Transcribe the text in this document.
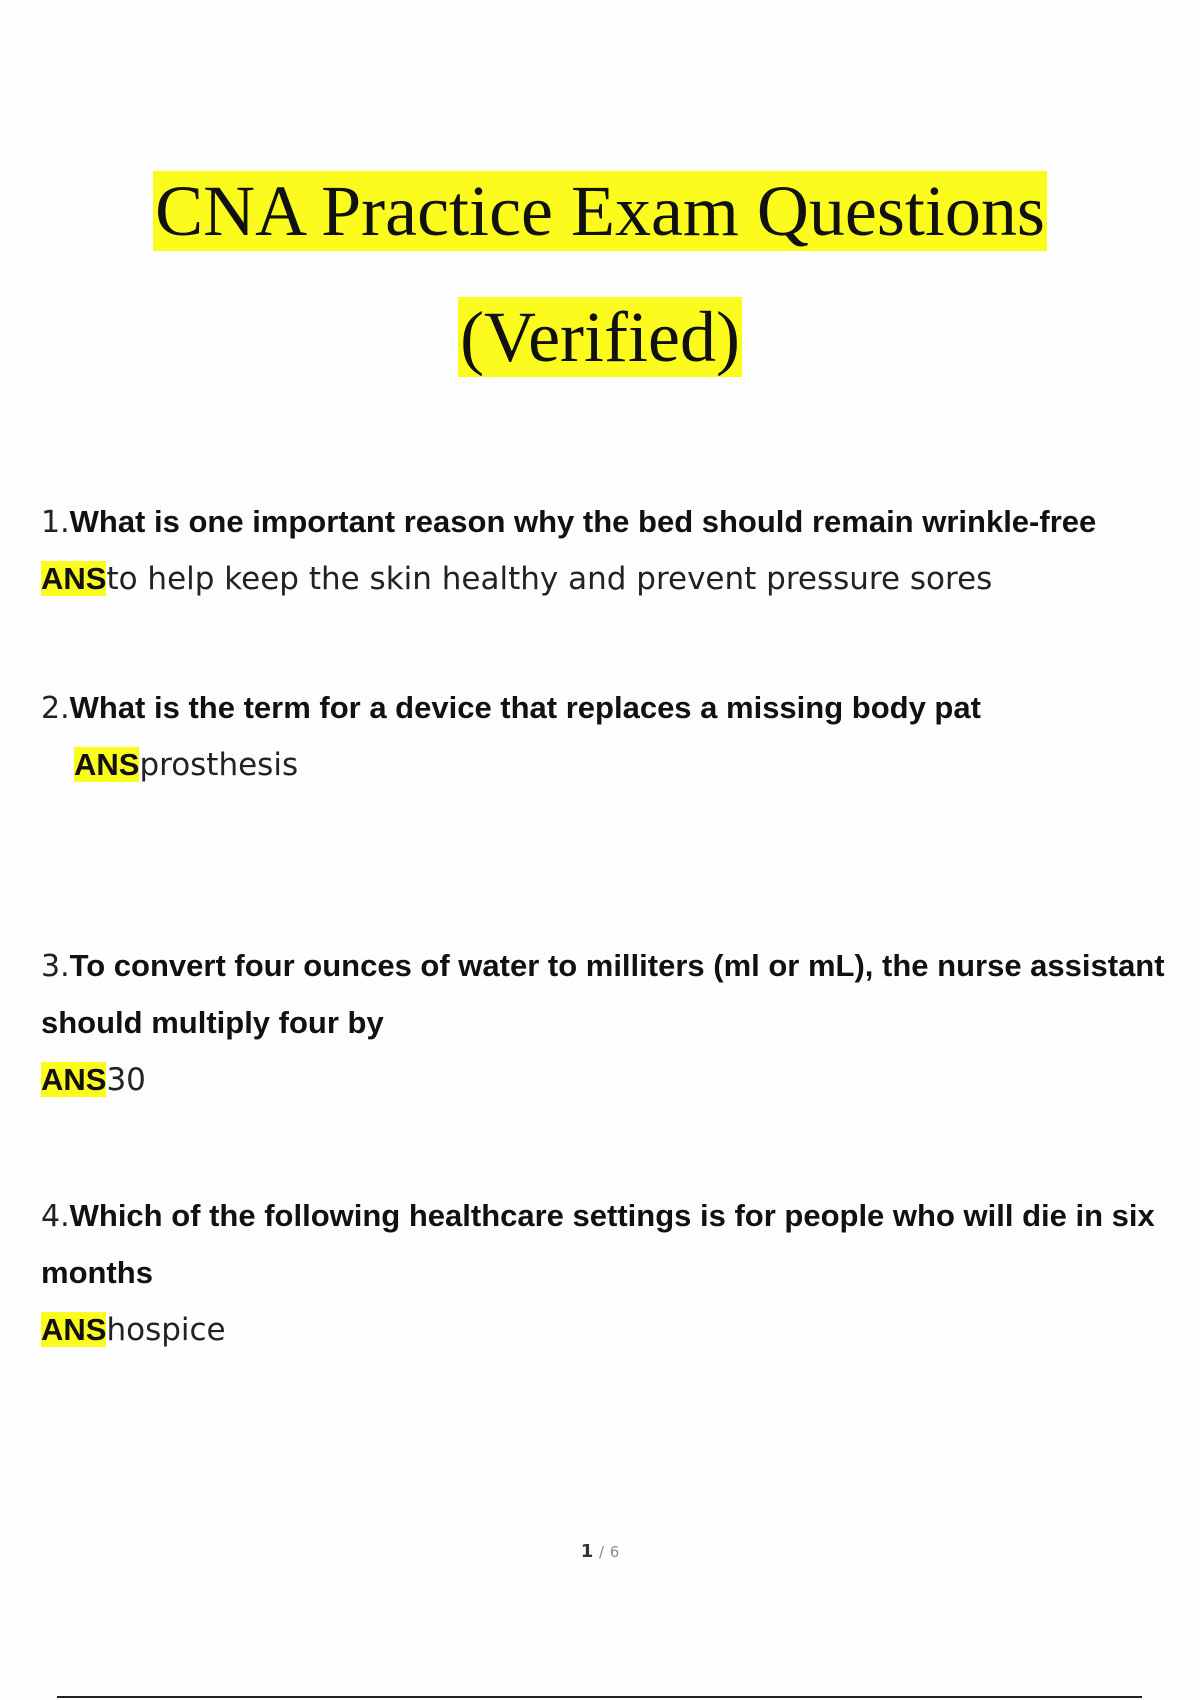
CNA Practice Exam Questions
(Verified)
1.What is one important reason why the bed should remain wrinkle-free
ANSto help keep the skin healthy and prevent pressure sores
2.What is the term for a device that replaces a missing body pat
ANSprosthesis
3.To convert four ounces of water to milliters (ml or mL), the nurse assistant should multiply four by
ANS30
4.Which of the following healthcare settings is for people who will die in six months
ANShospice
1 / 6
